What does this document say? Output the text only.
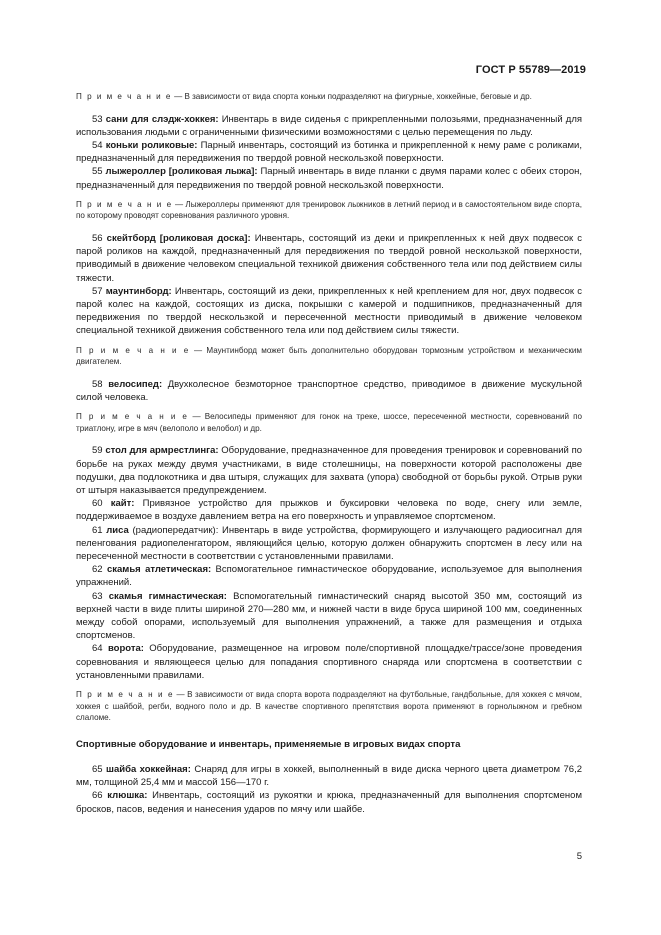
ГОСТ Р 55789—2019

П р и м е ч а н и е — В зависимости от вида спорта коньки подразделяют на фигурные, хоккейные, беговые и др.

53 сани для слэдж-хоккея: Инвентарь в виде сиденья с прикрепленными полозьями, предназначенный для использования людьми с ограниченными физическими возможностями с целью перемещения по льду.

54 коньки роликовые: Парный инвентарь, состоящий из ботинка и прикрепленной к нему раме с роликами, предназначенный для передвижения по твердой ровной нескользкой поверхности.

55 лыжероллер [роликовая лыжа]: Парный инвентарь в виде планки с двумя парами колес с обеих сторон, предназначенный для передвижения по твердой ровной нескользкой поверхности.

П р и м е ч а н и е — Лыжероллеры применяют для тренировок лыжников в летний период и в самостоятельном виде спорта, по которому проводят соревнования различного уровня.

56 скейтборд [роликовая доска]: Инвентарь, состоящий из деки и прикрепленных к ней двух подвесок с парой роликов на каждой, предназначенный для передвижения по твердой ровной нескользкой поверхности, приводимый в движение человеком специальной техникой движения собственного тела или под действием силы тяжести.

57 маунтинборд: Инвентарь, состоящий из деки, прикрепленных к ней креплением для ног, двух подвесок с парой колес на каждой, состоящих из диска, покрышки с камерой и подшипников, предназначенный для передвижения по твердой нескользкой и пересеченной местности приводимый в движение человеком специальной техникой движения собственного тела или под действием силы тяжести.

П р и м е ч а н и е — Маунтинборд может быть дополнительно оборудован тормозным устройством и механическим двигателем.

58 велосипед: Двухколесное безмоторное транспортное средство, приводимое в движение мускульной силой человека.

П р и м е ч а н и е — Велосипеды применяют для гонок на треке, шоссе, пересеченной местности, соревнований по триатлону, игре в мяч (велополо и велобол) и др.

59 стол для армрестлинга: Оборудование, предназначенное для проведения тренировок и соревнований по борьбе на руках между двумя участниками, в виде столешницы, на поверхности которой расположены две подушки, два подлокотника и два штыря, служащих для захвата (упора) свободной от борьбы рукой. Отрыв руки от штыря наказывается предупреждением.

60 кайт: Привязное устройство для прыжков и буксировки человека по воде, снегу или земле, поддерживаемое в воздухе давлением ветра на его поверхность и управляемое спортсменом.

61 лиса (радиопередатчик): Инвентарь в виде устройства, формирующего и излучающего радиосигнал для пеленгования радиопеленгатором, являющийся целью, которую должен обнаружить спортсмен в лесу или на пересеченной местности в соответствии с установленными правилами.

62 скамья атлетическая: Вспомогательное гимнастическое оборудование, используемое для выполнения упражнений.

63 скамья гимнастическая: Вспомогательный гимнастический снаряд высотой 350 мм, состоящий из верхней части в виде плиты шириной 270—280 мм, и нижней части в виде бруса шириной 100 мм, соединенных между собой опорами, используемый для выполнения упражнений, а также для размещения и отдыха спортсменов.

64 ворота: Оборудование, размещенное на игровом поле/спортивной площадке/трассе/зоне проведения соревнования и являющееся целью для попадания спортивного снаряда или спортсмена в соответствии с установленными правилами.

П р и м е ч а н и е — В зависимости от вида спорта ворота подразделяют на футбольные, гандбольные, для хоккея с мячом, хоккея с шайбой, регби, водного поло и др. В качестве спортивного препятствия ворота применяют в горнолыжном и гребном слаломе.

Спортивные оборудование и инвентарь, применяемые в игровых видах спорта

65 шайба хоккейная: Снаряд для игры в хоккей, выполненный в виде диска черного цвета диаметром 76,2 мм, толщиной 25,4 мм и массой 156—170 г.

66 клюшка: Инвентарь, состоящий из рукоятки и крюка, предназначенный для выполнения спортсменом бросков, пасов, ведения и нанесения ударов по мячу или шайбе.

5
